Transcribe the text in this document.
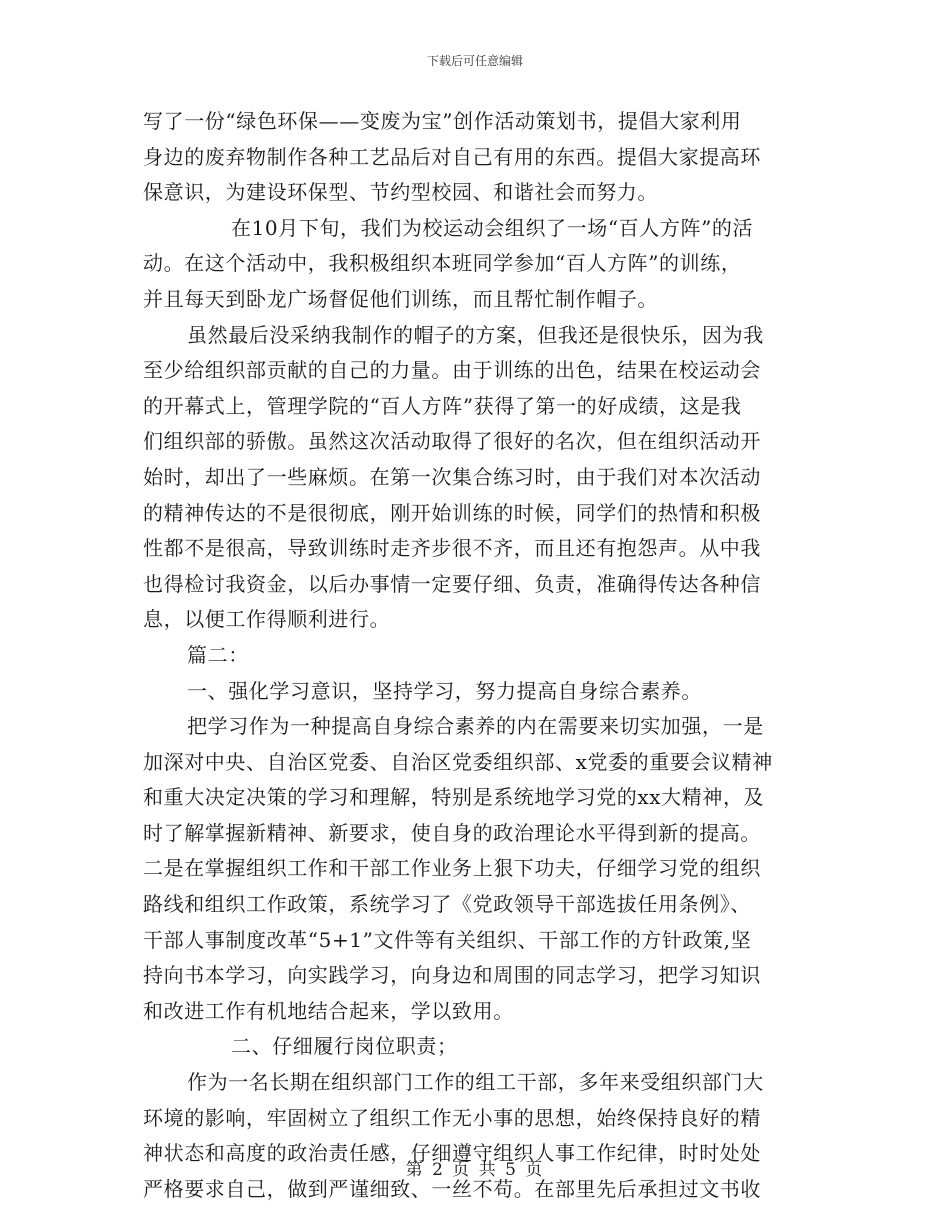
下载后可任意编辑
写了一份“绿色环保——变废为宝”创作活动策划书，提倡大家利用
身边的废弃物制作各种工艺品后对自己有用的东西。提倡大家提高环
保意识，为建设环保型、节约型校园、和谐社会而努力。
在10月下旬，我们为校运动会组织了一场“百人方阵”的活
动。在这个活动中，我积极组织本班同学参加“百人方阵”的训练，
并且每天到卧龙广场督促他们训练，而且帮忙制作帽子。
虽然最后没采纳我制作的帽子的方案，但我还是很快乐，因为我
至少给组织部贡献的自己的力量。由于训练的出色，结果在校运动会
的开幕式上，管理学院的“百人方阵”获得了第一的好成绩，这是我
们组织部的骄傲。虽然这次活动取得了很好的名次，但在组织活动开
始时，却出了一些麻烦。在第一次集合练习时，由于我们对本次活动
的精神传达的不是很彻底，刚开始训练的时候，同学们的热情和积极
性都不是很高，导致训练时走齐步很不齐，而且还有抱怨声。从中我
也得检讨我资金，以后办事情一定要仔细、负责，准确得传达各种信
息，以便工作得顺利进行。
篇二：
一、强化学习意识，坚持学习，努力提高自身综合素养。
把学习作为一种提高自身综合素养的内在需要来切实加强，一是
加深对中央、自治区党委、自治区党委组织部、x党委的重要会议精神
和重大决定决策的学习和理解，特别是系统地学习党的xx大精神，及
时了解掌握新精神、新要求，使自身的政治理论水平得到新的提高。
二是在掌握组织工作和干部工作业务上狠下功夫，仔细学习党的组织
路线和组织工作政策，系统学习了《党政领导干部选拔任用条例》、
干部人事制度改革“5+1”文件等有关组织、干部工作的方针政策,坚
持向书本学习，向实践学习，向身边和周围的同志学习，把学习知识
和改进工作有机地结合起来，学以致用。
二、仔细履行岗位职责；
作为一名长期在组织部门工作的组工干部，多年来受组织部门大
环境的影响，牢固树立了组织工作无小事的思想，始终保持良好的精
神状态和高度的政治责任感，仔细遵守组织人事工作纪律，时时处处
严格要求自己，做到严谨细致、一丝不苟。在部里先后承担过文书收
第 2 页 共 5 页
